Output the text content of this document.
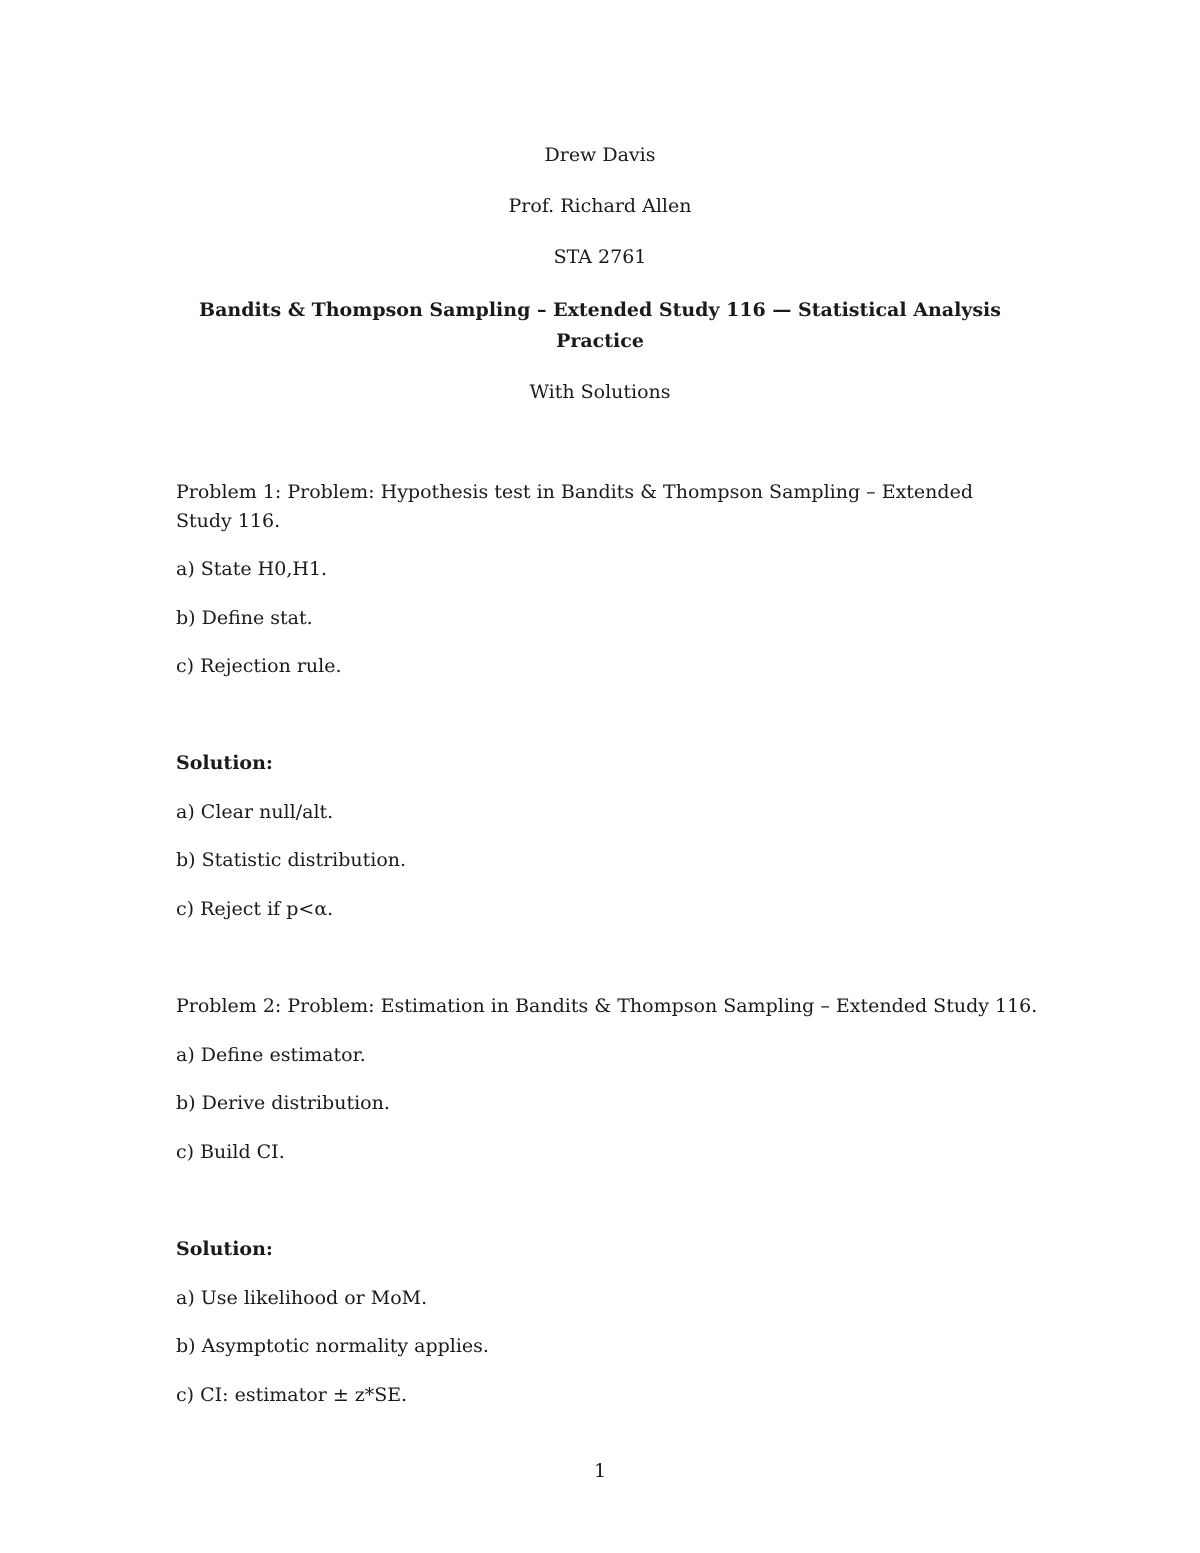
Drew Davis
Prof. Richard Allen
STA 2761
Bandits & Thompson Sampling – Extended Study 116 — Statistical Analysis Practice
With Solutions
Problem 1: Problem: Hypothesis test in Bandits & Thompson Sampling – Extended Study 116.
a) State H0,H1.
b) Define stat.
c) Rejection rule.
Solution:
a) Clear null/alt.
b) Statistic distribution.
c) Reject if p<α.
Problem 2: Problem: Estimation in Bandits & Thompson Sampling – Extended Study 116.
a) Define estimator.
b) Derive distribution.
c) Build CI.
Solution:
a) Use likelihood or MoM.
b) Asymptotic normality applies.
c) CI: estimator ± z*SE.
1
